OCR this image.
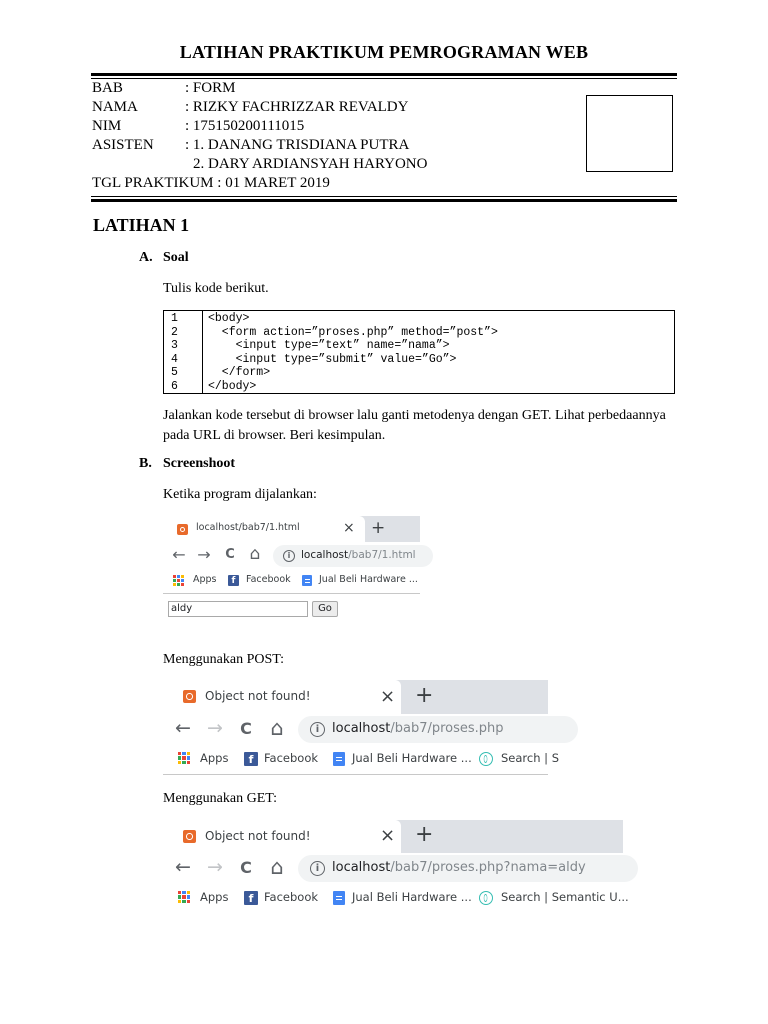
LATIHAN PRAKTIKUM PEMROGRAMAN WEB
BAB	: FORM
NAMA	: RIZKY FACHRIZZAR REVALDY
NIM	: 175150200111015
ASISTEN : 1. DANANG TRISDIANA PUTRA
2. DARY ARDIANSYAH HARYONO
TGL PRAKTIKUM : 01 MARET 2019
LATIHAN 1
A. Soal
Tulis kode berikut.
1	<body>
2	<form action=”proses.php” method=”post”>
3	<input type=”text” name=”nama”>
4	<input type=”submit” value=”Go”>
5	</form>
6	</body>
Jalankan kode tersebut di browser lalu ganti metodenya dengan GET. Lihat perbedaannya
pada URL di browser. Beri kesimpulan.
B. Screenshoot
Ketika program dijalankan:
localhost/bab7/1.html	× +
← → C ⌂	i	localhost/bab7/1.html
Apps	f	Facebook	Jual Beli Hardware ...
aldy	Go
Menggunakan POST:
Object not found!	× +
← → C ⌂	i localhost/bab7/proses.php
Apps	f Facebook	Jual Beli Hardware ...	Search | S
Menggunakan GET:
Object not found!	× +
← → C ⌂	i localhost/bab7/proses.php?nama=aldy
Apps	f Facebook	Jual Beli Hardware ...	Search | Semantic U...
